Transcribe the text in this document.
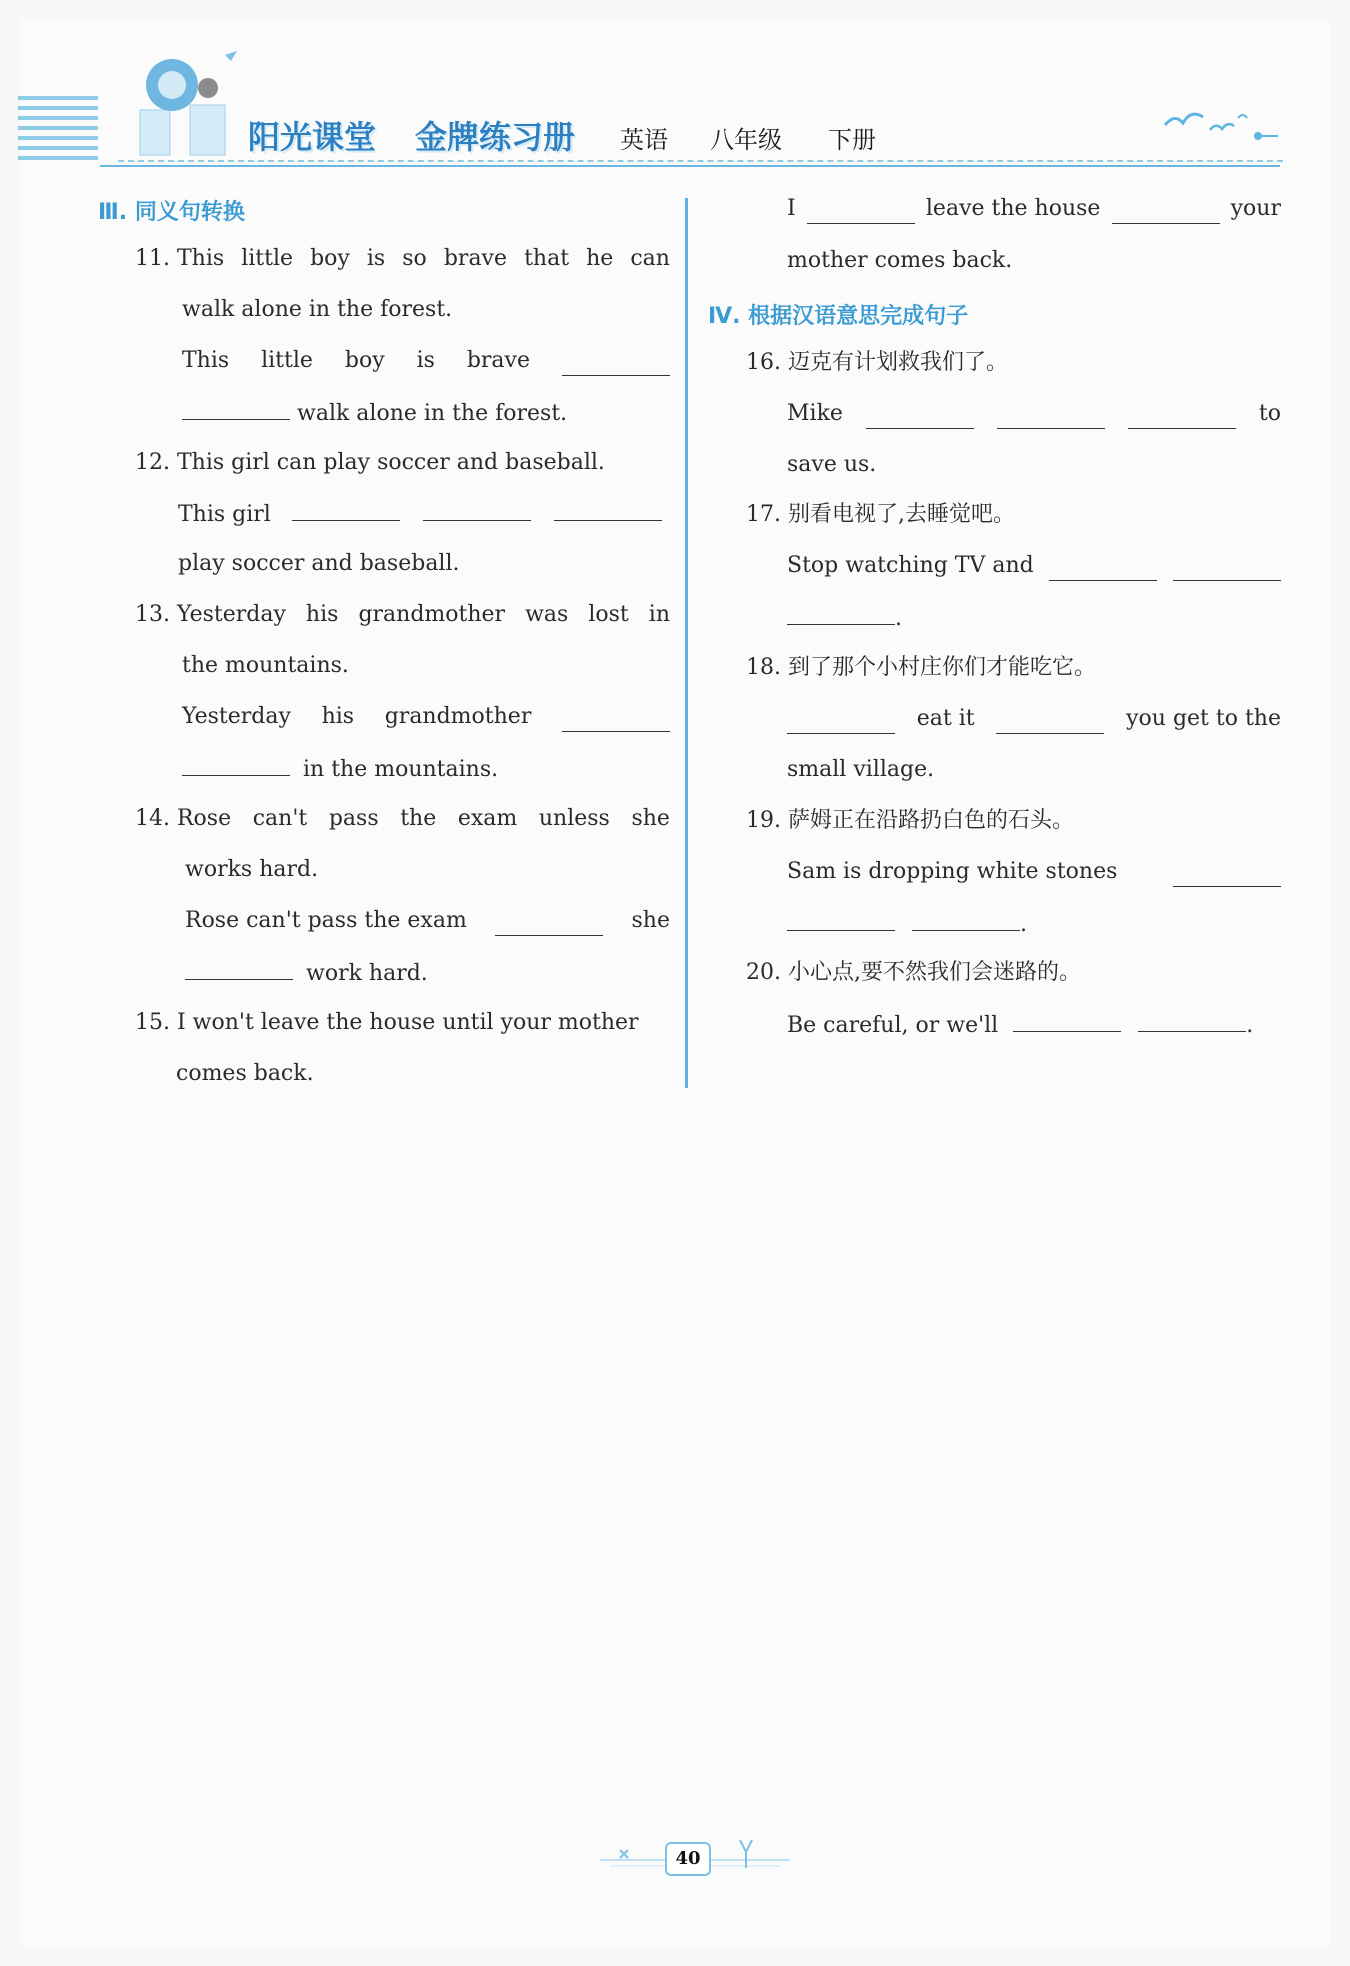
阳光课堂 金牌练习册 英语 八年级 下册
Ⅲ. 同义句转换
11. This little boy is so brave that he can
walk alone in the forest.
This little boy is brave
walk alone in the forest.
12. This girl can play soccer and baseball.
This girl
play soccer and baseball.
13. Yesterday his grandmother was lost in
the mountains.
Yesterday his grandmother
in the mountains.
14. Rose can't pass the exam unless she
works hard.
Rose can't pass the exam	she
work hard.
15. I won't leave the house until your mother
comes back.
I	leave the house	your
mother comes back.
Ⅳ. 根据汉语意思完成句子
16. 迈克有计划救我们了。
Mike	to
save us.
17. 别看电视了,去睡觉吧。
Stop watching TV and
.
18. 到了那个小村庄你们才能吃它。
eat it	you get to the
small village.
19. 萨姆正在沿路扔白色的石头。
Sam is dropping white stones
.
20. 小心点,要不然我们会迷路的。
Be careful, or we'll	.
40
